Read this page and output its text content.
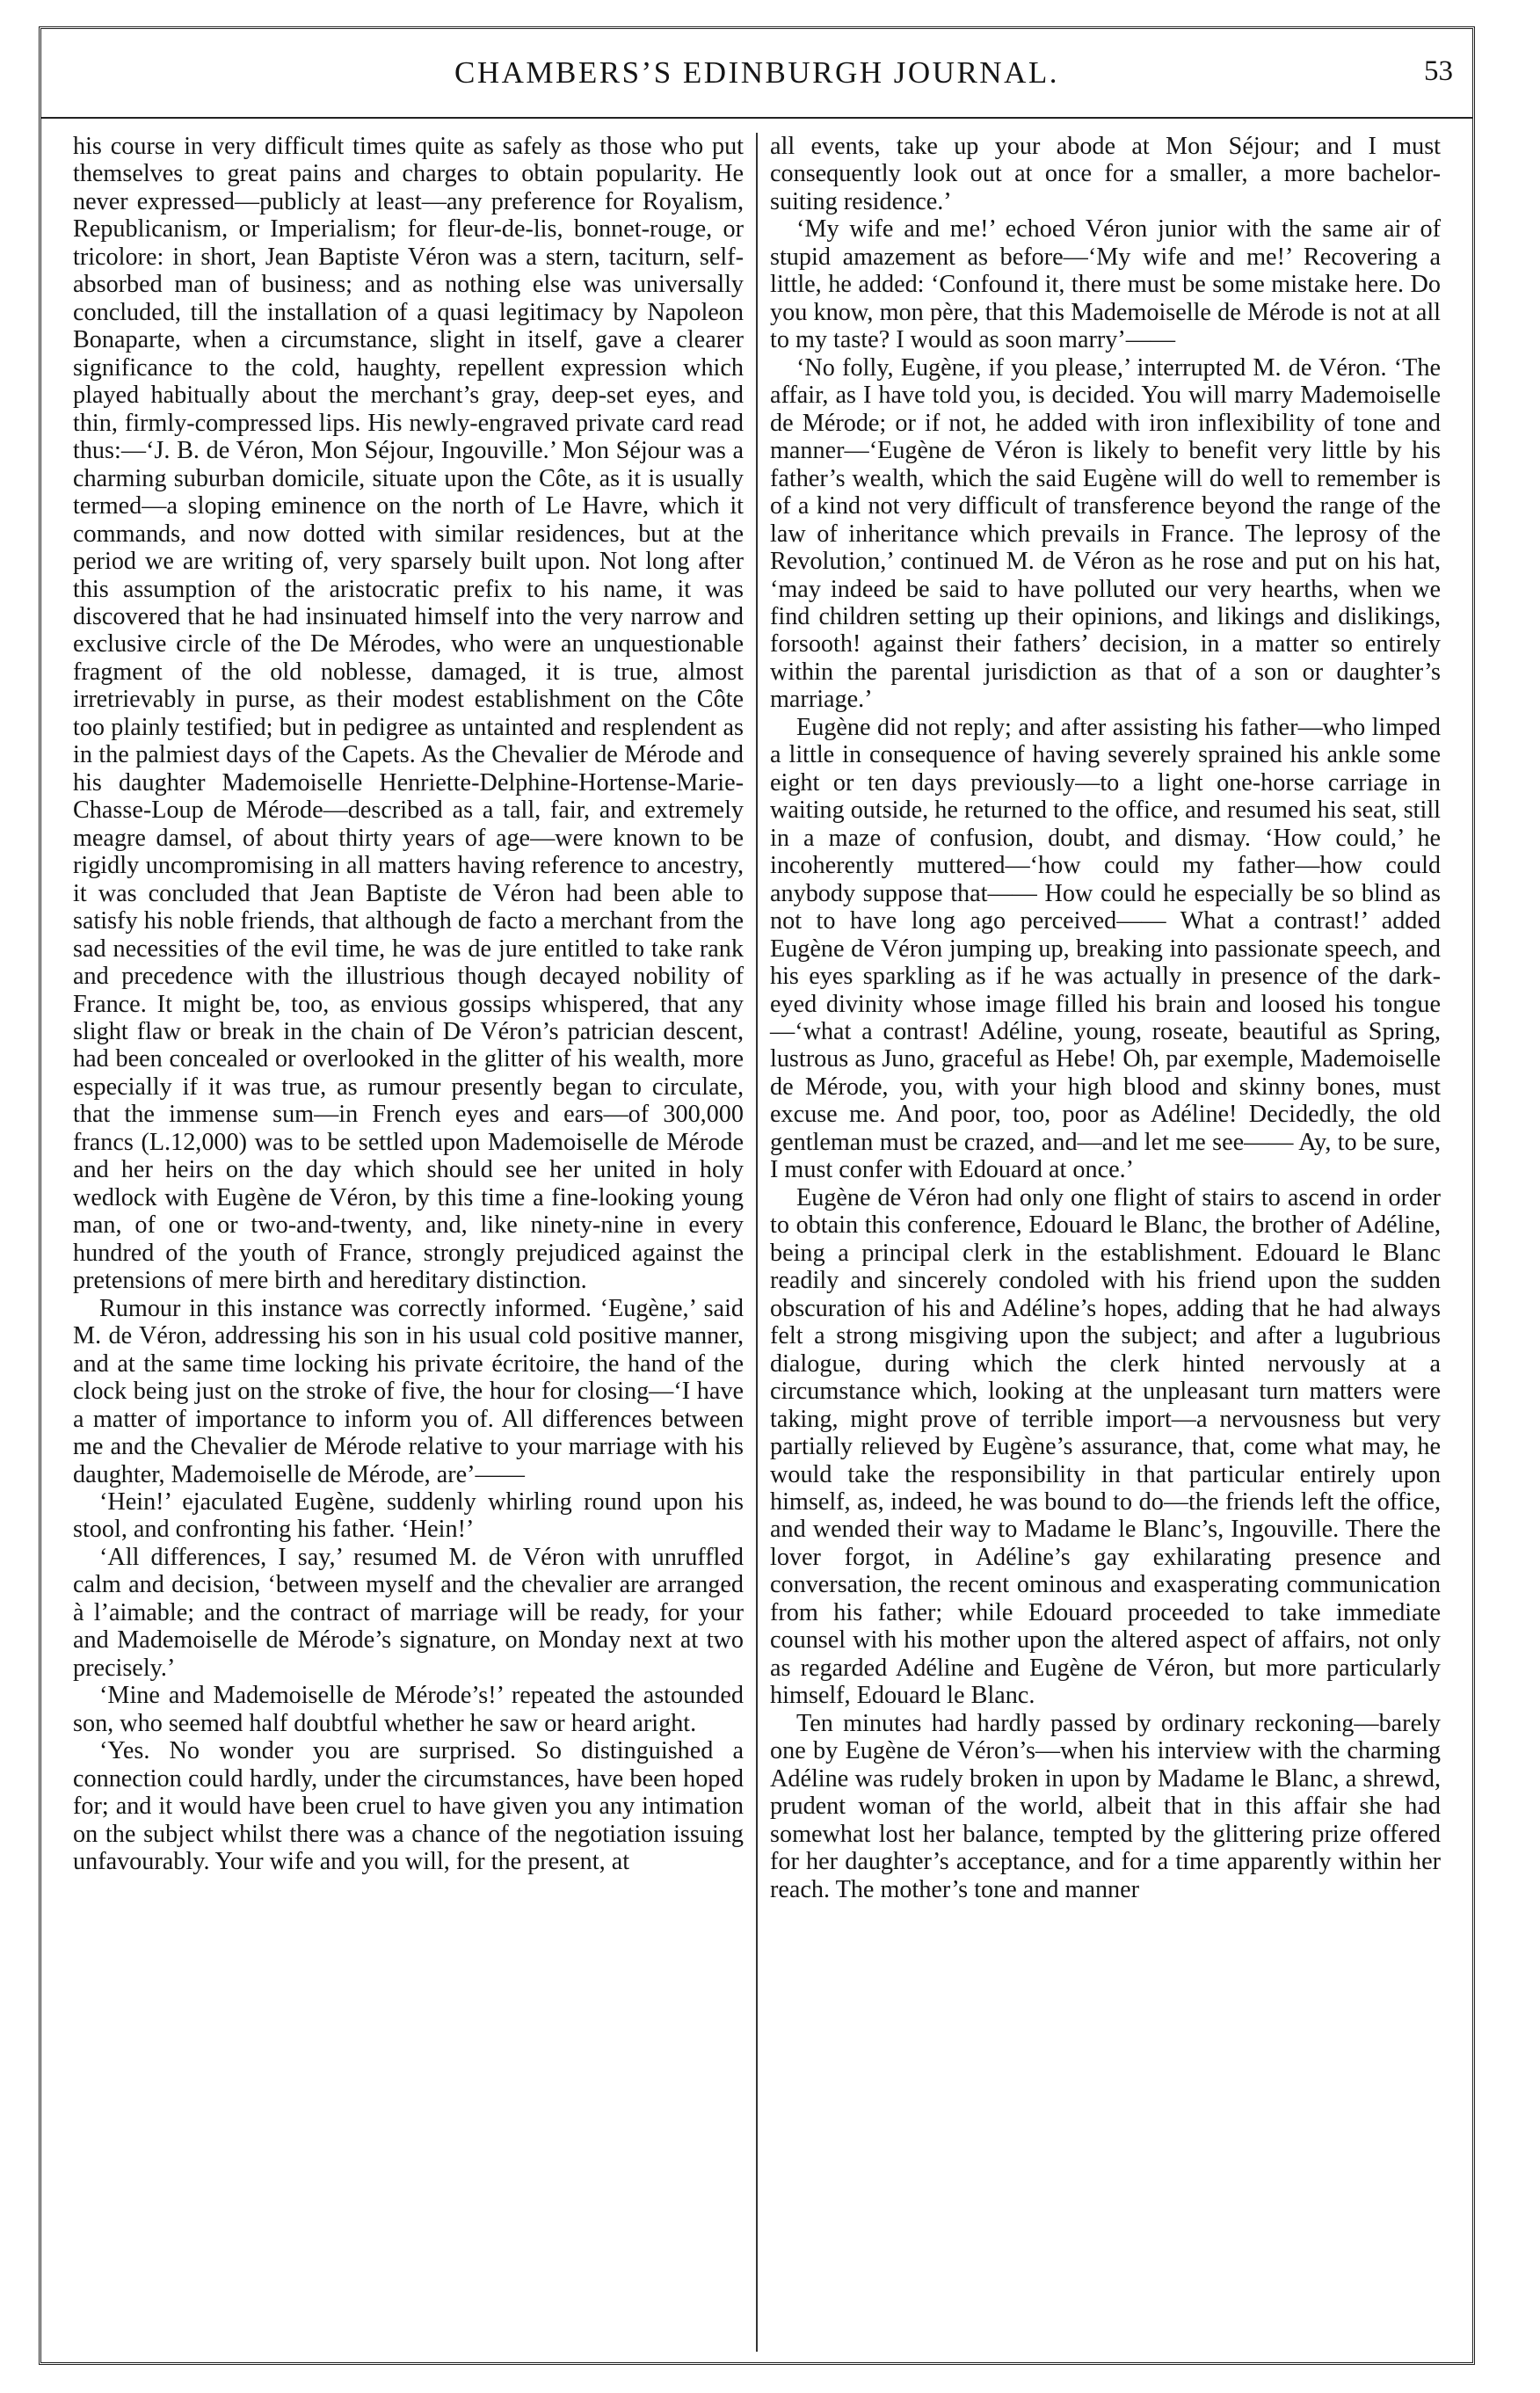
CHAMBERS’S EDINBURGH JOURNAL.	53

his course in very difficult times quite as safely as those who put themselves to great pains and charges to obtain popularity. He never expressed—publicly at least—any preference for Royalism, Republicanism, or Imperialism; for fleur-de-lis, bonnet-rouge, or tricolore: in short, Jean Baptiste Véron was a stern, taciturn, self-absorbed man of business; and as nothing else was universally concluded, till the installation of a quasi legitimacy by Napoleon Bonaparte, when a circumstance, slight in itself, gave a clearer significance to the cold, haughty, repellent expression which played habitually about the merchant’s gray, deep-set eyes, and thin, firmly-compressed lips. His newly-engraved private card read thus:—‘J. B. de Véron, Mon Séjour, Ingouville.’ Mon Séjour was a charming suburban domicile, situate upon the Côte, as it is usually termed—a sloping eminence on the north of Le Havre, which it commands, and now dotted with similar residences, but at the period we are writing of, very sparsely built upon. Not long after this assumption of the aristocratic prefix to his name, it was discovered that he had insinuated himself into the very narrow and exclusive circle of the De Mérodes, who were an unquestionable fragment of the old noblesse, damaged, it is true, almost irretrievably in purse, as their modest establishment on the Côte too plainly testified; but in pedigree as untainted and resplendent as in the palmiest days of the Capets. As the Chevalier de Mérode and his daughter Mademoiselle Henriette-Delphine-Hortense-Marie-Chasse-Loup de Mérode—described as a tall, fair, and extremely meagre damsel, of about thirty years of age—were known to be rigidly uncompromising in all matters having reference to ancestry, it was concluded that Jean Baptiste de Véron had been able to satisfy his noble friends, that although de facto a merchant from the sad necessities of the evil time, he was de jure entitled to take rank and precedence with the illustrious though decayed nobility of France. It might be, too, as envious gossips whispered, that any slight flaw or break in the chain of De Véron’s patrician descent, had been concealed or overlooked in the glitter of his wealth, more especially if it was true, as rumour presently began to circulate, that the immense sum—in French eyes and ears—of 300,000 francs (L.12,000) was to be settled upon Mademoiselle de Mérode and her heirs on the day which should see her united in holy wedlock with Eugène de Véron, by this time a fine-looking young man, of one or two-and-twenty, and, like ninety-nine in every hundred of the youth of France, strongly prejudiced against the pretensions of mere birth and hereditary distinction.

Rumour in this instance was correctly informed. ‘Eugène,’ said M. de Véron, addressing his son in his usual cold positive manner, and at the same time locking his private écritoire, the hand of the clock being just on the stroke of five, the hour for closing—‘I have a matter of importance to inform you of. All differences between me and the Chevalier de Mérode relative to your marriage with his daughter, Mademoiselle de Mérode, are’——

‘Hein!’ ejaculated Eugène, suddenly whirling round upon his stool, and confronting his father. ‘Hein!’

‘All differences, I say,’ resumed M. de Véron with unruffled calm and decision, ‘between myself and the chevalier are arranged à l’aimable; and the contract of marriage will be ready, for your and Mademoiselle de Mérode’s signature, on Monday next at two precisely.’

‘Mine and Mademoiselle de Mérode’s!’ repeated the astounded son, who seemed half doubtful whether he saw or heard aright.

‘Yes. No wonder you are surprised. So distinguished a connection could hardly, under the circumstances, have been hoped for; and it would have been cruel to have given you any intimation on the subject whilst there was a chance of the negotiation issuing unfavourably. Your wife and you will, for the present, at

all events, take up your abode at Mon Séjour; and I must consequently look out at once for a smaller, a more bachelor-suiting residence.’

‘My wife and me!’ echoed Véron junior with the same air of stupid amazement as before—‘My wife and me!’ Recovering a little, he added: ‘Confound it, there must be some mistake here. Do you know, mon père, that this Mademoiselle de Mérode is not at all to my taste? I would as soon marry’——

‘No folly, Eugène, if you please,’ interrupted M. de Véron. ‘The affair, as I have told you, is decided. You will marry Mademoiselle de Mérode; or if not, he added with iron inflexibility of tone and manner—‘Eugène de Véron is likely to benefit very little by his father’s wealth, which the said Eugène will do well to remember is of a kind not very difficult of transference beyond the range of the law of inheritance which prevails in France. The leprosy of the Revolution,’ continued M. de Véron as he rose and put on his hat, ‘may indeed be said to have polluted our very hearths, when we find children setting up their opinions, and likings and dislikings, forsooth! against their fathers’ decision, in a matter so entirely within the parental jurisdiction as that of a son or daughter’s marriage.’

Eugène did not reply; and after assisting his father—who limped a little in consequence of having severely sprained his ankle some eight or ten days previously—to a light one-horse carriage in waiting outside, he returned to the office, and resumed his seat, still in a maze of confusion, doubt, and dismay. ‘How could,’ he incoherently muttered—‘how could my father—how could anybody suppose that—— How could he especially be so blind as not to have long ago perceived—— What a contrast!’ added Eugène de Véron jumping up, breaking into passionate speech, and his eyes sparkling as if he was actually in presence of the dark-eyed divinity whose image filled his brain and loosed his tongue—‘what a contrast! Adéline, young, roseate, beautiful as Spring, lustrous as Juno, graceful as Hebe! Oh, par exemple, Mademoiselle de Mérode, you, with your high blood and skinny bones, must excuse me. And poor, too, poor as Adéline! Decidedly, the old gentleman must be crazed, and—and let me see—— Ay, to be sure, I must confer with Edouard at once.’

Eugène de Véron had only one flight of stairs to ascend in order to obtain this conference, Edouard le Blanc, the brother of Adéline, being a principal clerk in the establishment. Edouard le Blanc readily and sincerely condoled with his friend upon the sudden obscuration of his and Adéline’s hopes, adding that he had always felt a strong misgiving upon the subject; and after a lugubrious dialogue, during which the clerk hinted nervously at a circumstance which, looking at the unpleasant turn matters were taking, might prove of terrible import—a nervousness but very partially relieved by Eugène’s assurance, that, come what may, he would take the responsibility in that particular entirely upon himself, as, indeed, he was bound to do—the friends left the office, and wended their way to Madame le Blanc’s, Ingouville. There the lover forgot, in Adéline’s gay exhilarating presence and conversation, the recent ominous and exasperating communication from his father; while Edouard proceeded to take immediate counsel with his mother upon the altered aspect of affairs, not only as regarded Adéline and Eugène de Véron, but more particularly himself, Edouard le Blanc.

Ten minutes had hardly passed by ordinary reckoning—barely one by Eugène de Véron’s—when his interview with the charming Adéline was rudely broken in upon by Madame le Blanc, a shrewd, prudent woman of the world, albeit that in this affair she had somewhat lost her balance, tempted by the glittering prize offered for her daughter’s acceptance, and for a time apparently within her reach. The mother’s tone and manner
